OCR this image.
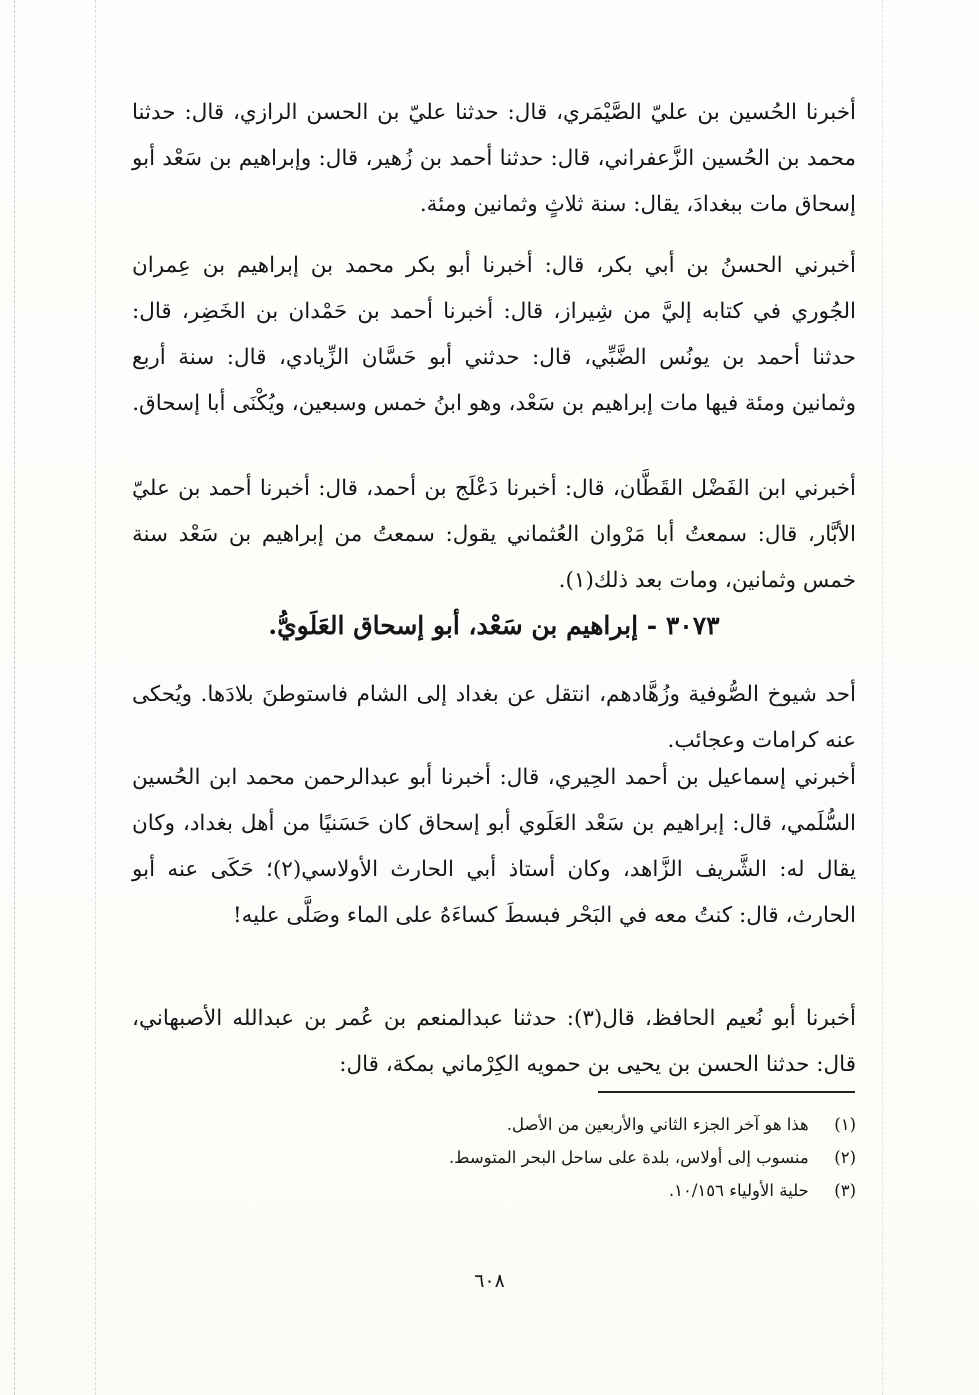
أخبرنا الحُسين بن عليّ الصَّيْمَري، قال: حدثنا عليّ بن الحسن الرازي، قال: حدثنا محمد بن الحُسين الزَّعفراني، قال: حدثنا أحمد بن زُهير، قال: وإبراهيم بن سَعْد أبو إسحاق مات ببغدادَ، يقال: سنة ثلاثٍ وثمانين ومئة.

أخبرني الحسنُ بن أبي بكر، قال: أخبرنا أبو بكر محمد بن إبراهيم بن عِمران الجُوري في كتابه إليَّ من شِيراز، قال: أخبرنا أحمد بن حَمْدان بن الخَضِر، قال: حدثنا أحمد بن يونُس الضَّبِّي، قال: حدثني أبو حَسَّان الزِّيادي، قال: سنة أربع وثمانين ومئة فيها مات إبراهيم بن سَعْد، وهو ابنُ خمس وسبعين، ويُكْنَى أبا إسحاق.

أخبرني ابن الفَضْل القَطَّان، قال: أخبرنا دَعْلَج بن أحمد، قال: أخبرنا أحمد بن عليّ الأبَّار، قال: سمعتُ أبا مَرْوان العُثماني يقول: سمعتُ من إبراهيم بن سَعْد سنة خمس وثمانين، ومات بعد ذلك(١).

٣٠٧٣ - إبراهيم بن سَعْد، أبو إسحاق العَلَويُّ.

أحد شيوخ الصُّوفية وزُهَّادهم، انتقل عن بغداد إلى الشام فاستوطنَ بلادَها. ويُحكى عنه كرامات وعجائب.

أخبرني إسماعيل بن أحمد الحِيري، قال: أخبرنا أبو عبدالرحمن محمد ابن الحُسين السُّلَمي، قال: إبراهيم بن سَعْد العَلَوي أبو إسحاق كان حَسَنيًا من أهل بغداد، وكان يقال له: الشَّريف الزَّاهد، وكان أستاذ أبي الحارث الأولاسي(٢)؛ حَكَى عنه أبو الحارث، قال: كنتُ معه في البَحْر فبسطَ كساءَهُ على الماء وصَلَّى عليه!

أخبرنا أبو نُعيم الحافظ، قال(٣): حدثنا عبدالمنعم بن عُمر بن عبدالله الأصبهاني، قال: حدثنا الحسن بن يحيى بن حمويه الكِرْماني بمكة، قال:

(١) هذا هو آخر الجزء الثاني والأربعين من الأصل.
(٢) منسوب إلى أولاس، بلدة على ساحل البحر المتوسط.
(٣) حلية الأولياء ١٠/١٥٦.

٦٠٨
